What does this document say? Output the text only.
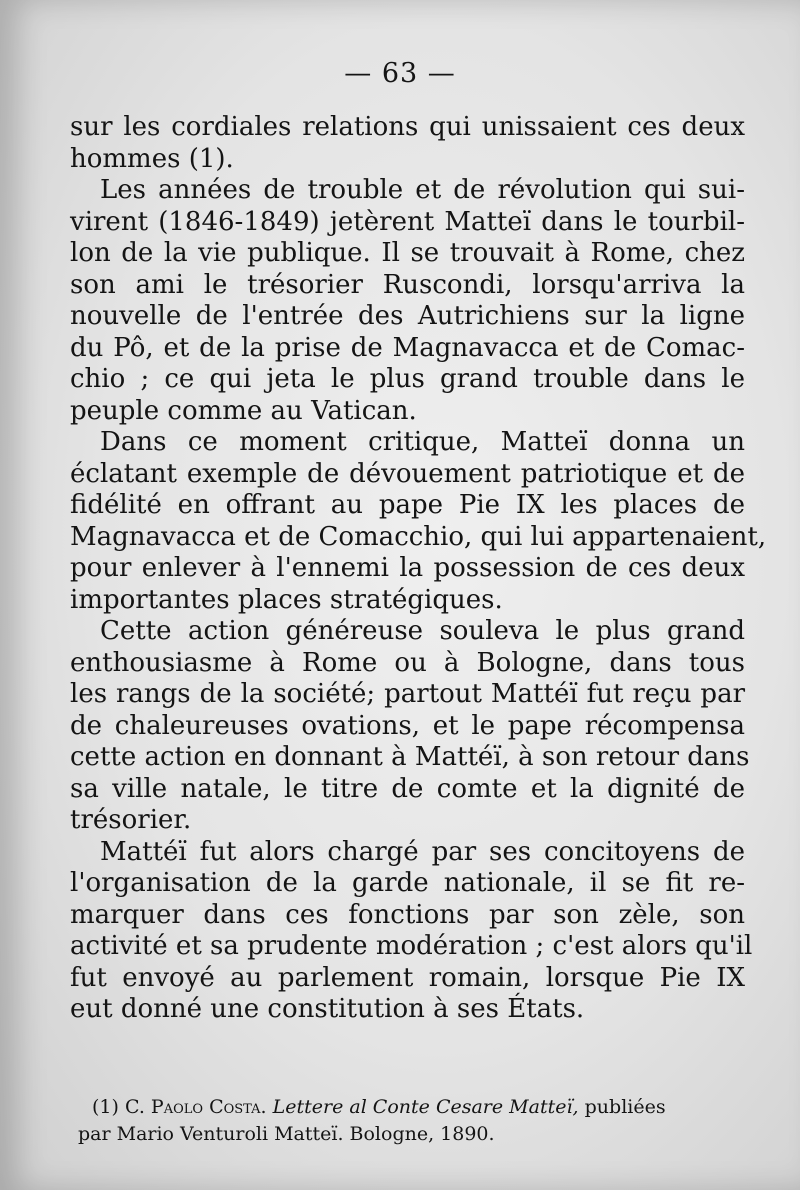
— 63 —
sur les cordiales relations qui unissaient ces deux
hommes (1).
Les années de trouble et de révolution qui sui-
virent (1846-1849) jetèrent Matteï dans le tourbil-
lon de la vie publique. Il se trouvait à Rome, chez
son ami le trésorier Ruscondi, lorsqu'arriva la
nouvelle de l'entrée des Autrichiens sur la ligne
du Pô, et de la prise de Magnavacca et de Comac-
chio ; ce qui jeta le plus grand trouble dans le
peuple comme au Vatican.
Dans ce moment critique, Matteï donna un
éclatant exemple de dévouement patriotique et de
fidélité en offrant au pape Pie IX les places de
Magnavacca et de Comacchio, qui lui appartenaient,
pour enlever à l'ennemi la possession de ces deux
importantes places stratégiques.
Cette action généreuse souleva le plus grand
enthousiasme à Rome ou à Bologne, dans tous
les rangs de la société; partout Mattéï fut reçu par
de chaleureuses ovations, et le pape récompensa
cette action en donnant à Mattéï, à son retour dans
sa ville natale, le titre de comte et la dignité de
trésorier.
Mattéï fut alors chargé par ses concitoyens de
l'organisation de la garde nationale, il se fit re-
marquer dans ces fonctions par son zèle, son
activité et sa prudente modération ; c'est alors qu'il
fut envoyé au parlement romain, lorsque Pie IX
eut donné une constitution à ses États.
(1) C. Paolo Costa. Lettere al Conte Cesare Matteï, publiées
par Mario Venturoli Matteï. Bologne, 1890.
